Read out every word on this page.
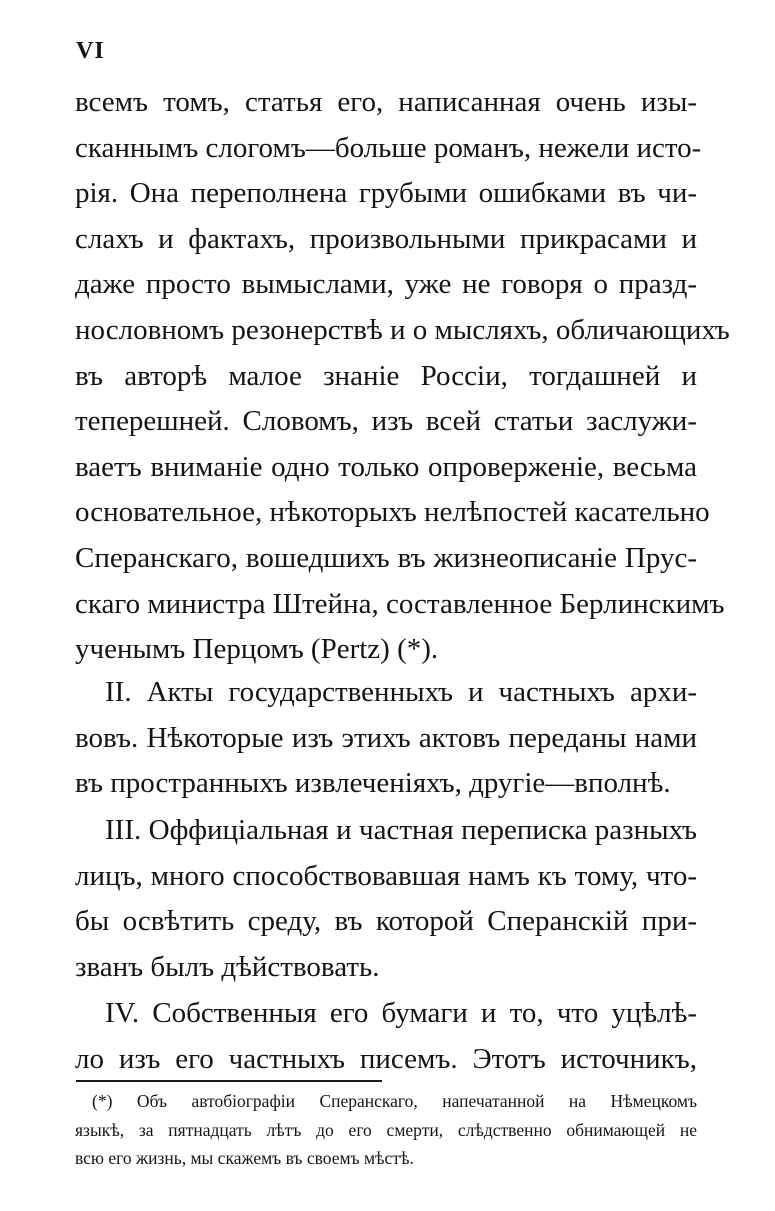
VI
всемъ томъ, статья его, написанная очень изы-
сканнымъ слогомъ—больше романъ, нежели исто-
рія. Она переполнена грубыми ошибками въ чи-
слахъ и фактахъ, произвольными прикрасами и
даже просто вымыслами, уже не говоря о празд-
нословномъ резонерствѣ и о мысляхъ, обличающихъ
въ авторѣ малое знаніе Россіи, тогдашней и
теперешней. Словомъ, изъ всей статьи заслужи-
ваетъ вниманіе одно только опроверженіе, весьма
основательное, нѣкоторыхъ нелѣпостей касательно
Сперанскаго, вошедшихъ въ жизнеописаніе Прус-
скаго министра Штейна, составленное Берлинскимъ
ученымъ Перцомъ (Pertz) (*).
II. Акты государственныхъ и частныхъ архи-
вовъ. Нѣкоторые изъ этихъ актовъ переданы нами
въ пространныхъ извлеченіяхъ, другіе—вполнѣ.
III. Оффиціальная и частная переписка разныхъ
лицъ, много способствовавшая намъ къ тому, что-
бы освѣтить среду, въ которой Сперанскій при-
званъ былъ дѣйствовать.
IV. Собственныя его бумаги и то, что уцѣлѣ-
ло изъ его частныхъ писемъ. Этотъ источникъ,
(*) Объ автобіографіи Сперанскаго, напечатанной на Нѣмецкомъ
языкѣ, за пятнадцать лѣтъ до его смерти, слѣдственно обнимающей не
всю его жизнь, мы скажемъ въ своемъ мѣстѣ.
